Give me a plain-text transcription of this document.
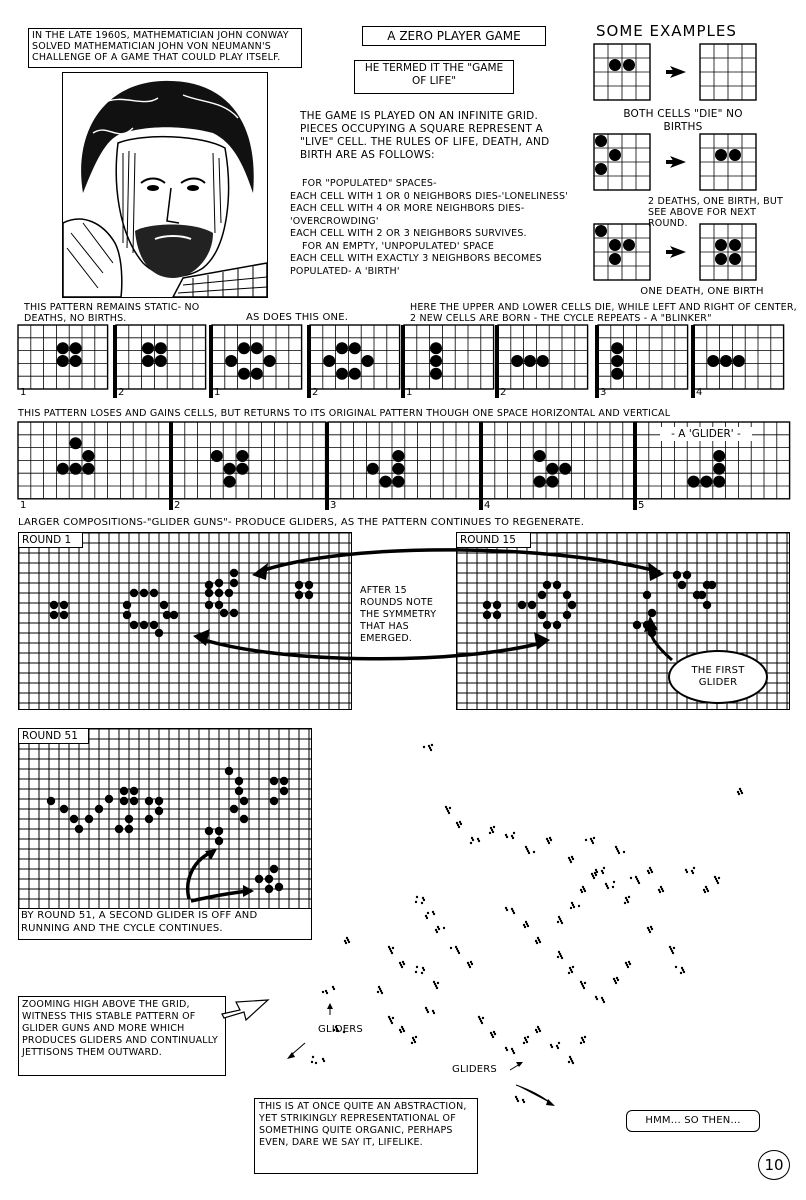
IN THE LATE 1960S, MATHEMATICIAN JOHN CONWAY SOLVED MATHEMATICIAN JOHN VON NEUMANN'S CHALLENGE OF A GAME THAT COULD PLAY ITSELF.
A ZERO PLAYER GAME
HE TERMED IT THE "GAME OF LIFE"
THE GAME IS PLAYED ON AN INFINITE GRID. PIECES OCCUPYING A SQUARE REPRESENT A "LIVE" CELL. THE RULES OF LIFE, DEATH, AND BIRTH ARE AS FOLLOWS:
FOR "POPULATED" SPACES-
EACH CELL WITH 1 OR 0 NEIGHBORS DIES-'LONELINESS'
EACH CELL WITH 4 OR MORE NEIGHBORS DIES-'OVERCROWDING'
EACH CELL WITH 2 OR 3 NEIGHBORS SURVIVES.
FOR AN EMPTY, 'UNPOPULATED' SPACE
EACH CELL WITH EXACTLY 3 NEIGHBORS BECOMES POPULATED- A 'BIRTH'
SOME EXAMPLES
BOTH CELLS "DIE" NO BIRTHS
2 DEATHS, ONE BIRTH, BUT SEE ABOVE FOR NEXT ROUND.
ONE DEATH, ONE BIRTH
THIS PATTERN REMAINS STATIC- NO DEATHS, NO BIRTHS.	AS DOES THIS ONE.
HERE THE UPPER AND LOWER CELLS DIE, WHILE LEFT AND RIGHT OF CENTER, 2 NEW CELLS ARE BORN - THE CYCLE REPEATS - A "BLINKER"
1	2	1	2	1	2	3	4
THIS PATTERN LOSES AND GAINS CELLS, BUT RETURNS TO ITS ORIGINAL PATTERN THOUGH ONE SPACE HORIZONTAL AND VERTICAL
1	2	3	4	5
- A 'GLIDER' -
LARGER COMPOSITIONS-"GLIDER GUNS"- PRODUCE GLIDERS, AS THE PATTERN CONTINUES TO REGENERATE.
ROUND 1
AFTER 15 ROUNDS NOTE THE SYMMETRY THAT HAS EMERGED.
ROUND 15
THE FIRST GLIDER
ROUND 51
BY ROUND 51, A SECOND GLIDER IS OFF AND RUNNING AND THE CYCLE CONTINUES.
ZOOMING HIGH ABOVE THE GRID, WITNESS THIS STABLE PATTERN OF GLIDER GUNS AND MORE WHICH PRODUCES GLIDERS AND CONTINUALLY JETTISONS THEM OUTWARD.
GLIDERS
GLIDERS
THIS IS AT ONCE QUITE AN ABSTRACTION, YET STRIKINGLY REPRESENTATIONAL OF SOMETHING QUITE ORGANIC, PERHAPS EVEN, DARE WE SAY IT, LIFELIKE.
HMM... SO THEN...
10
